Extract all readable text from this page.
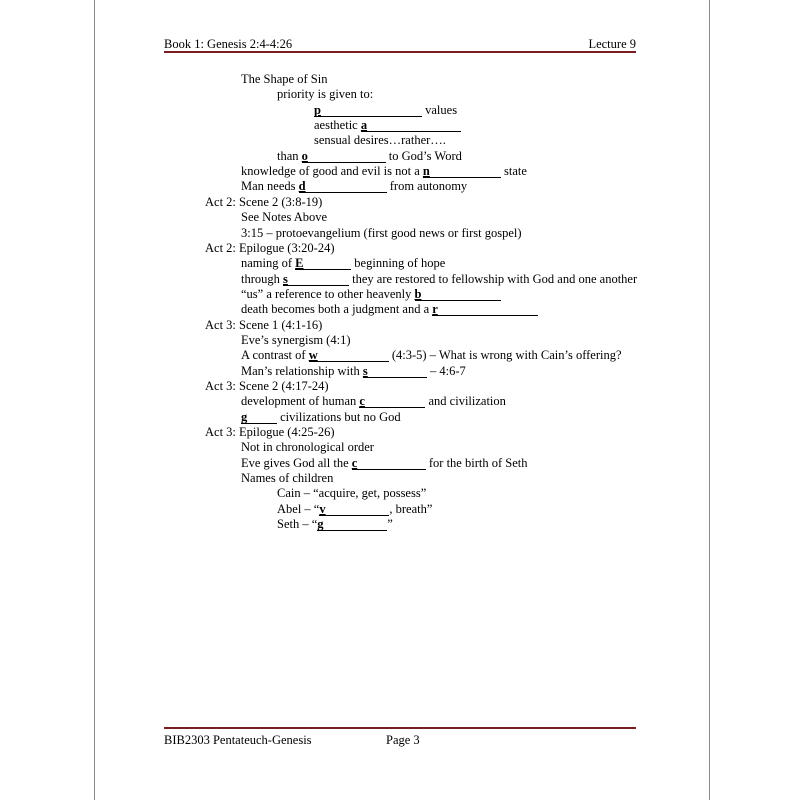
Book 1: Genesis 2:4-4:26	Lecture 9
The Shape of Sin
priority is given to:
p	values
aesthetic a
sensual desires…rather….
than o	to God’s Word
knowledge of good and evil is not a n	state
Man needs d	from autonomy
Act 2: Scene 2 (3:8-19)
See Notes Above
3:15 – protoevangelium (first good news or first gospel)
Act 2: Epilogue (3:20-24)
naming of E	beginning of hope
through s	they are restored to fellowship with God and one another
“us” a reference to other heavenly b
death becomes both a judgment and a r
Act 3: Scene 1 (4:1-16)
Eve’s synergism (4:1)
A contrast of w	(4:3-5) – What is wrong with Cain’s offering?
Man’s relationship with s	– 4:6-7
Act 3: Scene 2 (4:17-24)
development of human c	and civilization
g civilizations but no God
Act 3: Epilogue (4:25-26)
Not in chronological order
Eve gives God all the c	for the birth of Seth
Names of children
Cain – “acquire, get, possess”
Abel – “v	, breath”
Seth – “g	”
BIB2303 Pentateuch-Genesis	Page 3
